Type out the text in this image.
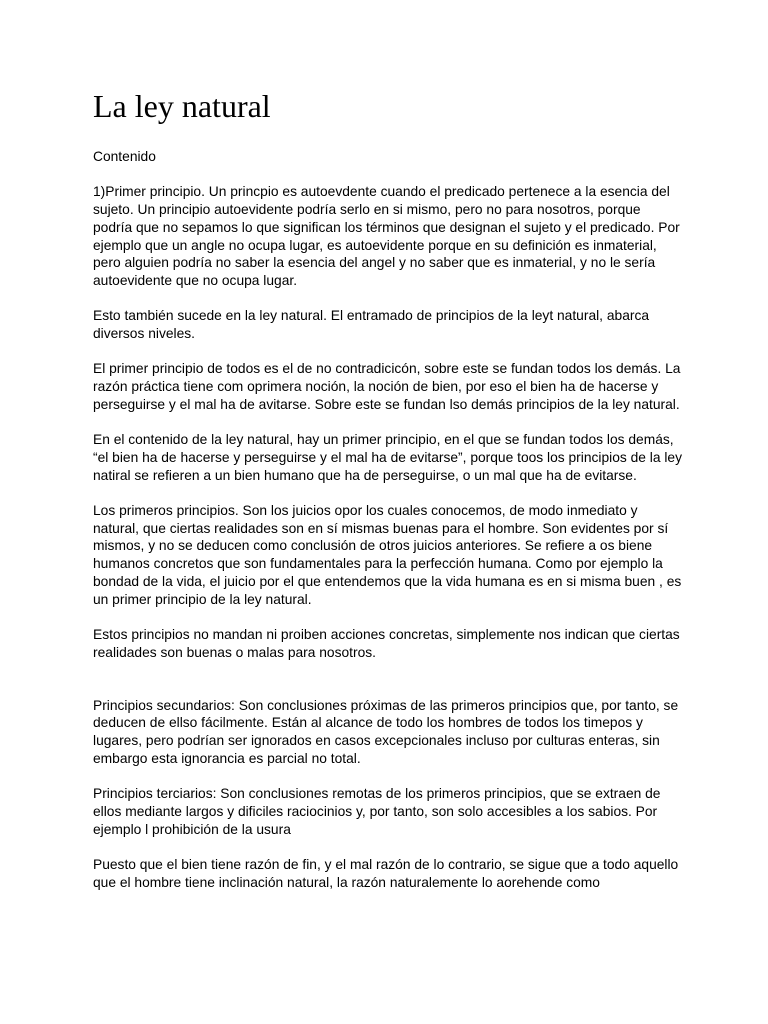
La ley natural

Contenido

1)Primer principio. Un princpio es autoevdente cuando el predicado pertenece a la esencia del sujeto. Un principio autoevidente podría serlo en si mismo, pero no para nosotros, porque podría que no sepamos lo que significan los términos que designan el sujeto y el predicado. Por ejemplo que un angle no ocupa lugar, es autoevidente porque en su definición es inmaterial, pero alguien podría no saber la esencia del angel y no saber que es inmaterial, y no le sería autoevidente que no ocupa lugar.

Esto también sucede en la ley natural. El entramado de principios de la leyt natural, abarca diversos niveles.

El primer principio de todos es el de no contradicicón, sobre este se fundan todos los demás. La razón práctica tiene com oprimera noción, la noción de bien, por eso el bien ha de hacerse y perseguirse y el mal ha de avitarse. Sobre este se fundan lso demás principios de la ley natural.

En el contenido de la ley natural, hay un primer principio, en el que se fundan todos los demás, “el bien ha de hacerse y perseguirse y el mal ha de evitarse”, porque toos los principios de la ley natiral se refieren a un bien humano que ha de perseguirse, o un mal que ha de evitarse.

Los primeros principios. Son los juicios opor los cuales conocemos, de modo inmediato y natural, que ciertas realidades son en sí mismas buenas para el hombre. Son evidentes por sí mismos, y no se deducen como conclusión de otros juicios anteriores. Se refiere a os biene humanos concretos que son fundamentales para la perfección humana. Como por ejemplo la bondad de la vida, el juicio por el que entendemos que la vida humana es en si misma buen , es un primer principio de la ley natural.

Estos principios no mandan ni proiben acciones concretas, simplemente nos indican que ciertas realidades son buenas o malas para nosotros.

Principios secundarios: Son conclusiones próximas de las primeros principios que, por tanto, se deducen de ellso fácilmente. Están al alcance de todo los hombres de todos los timepos y lugares, pero podrían ser ignorados en casos excepcionales incluso por culturas enteras, sin embargo esta ignorancia es parcial no total.

Principios terciarios: Son conclusiones remotas de los primeros principios, que se extraen de ellos mediante largos y dificiles raciocinios y, por tanto, son solo accesibles a los sabios. Por ejemplo l prohibición de la usura

Puesto que el bien tiene razón de fin, y el mal razón de lo contrario, se sigue que a todo aquello que el hombre tiene inclinación natural, la razón naturalemente lo aorehende como
